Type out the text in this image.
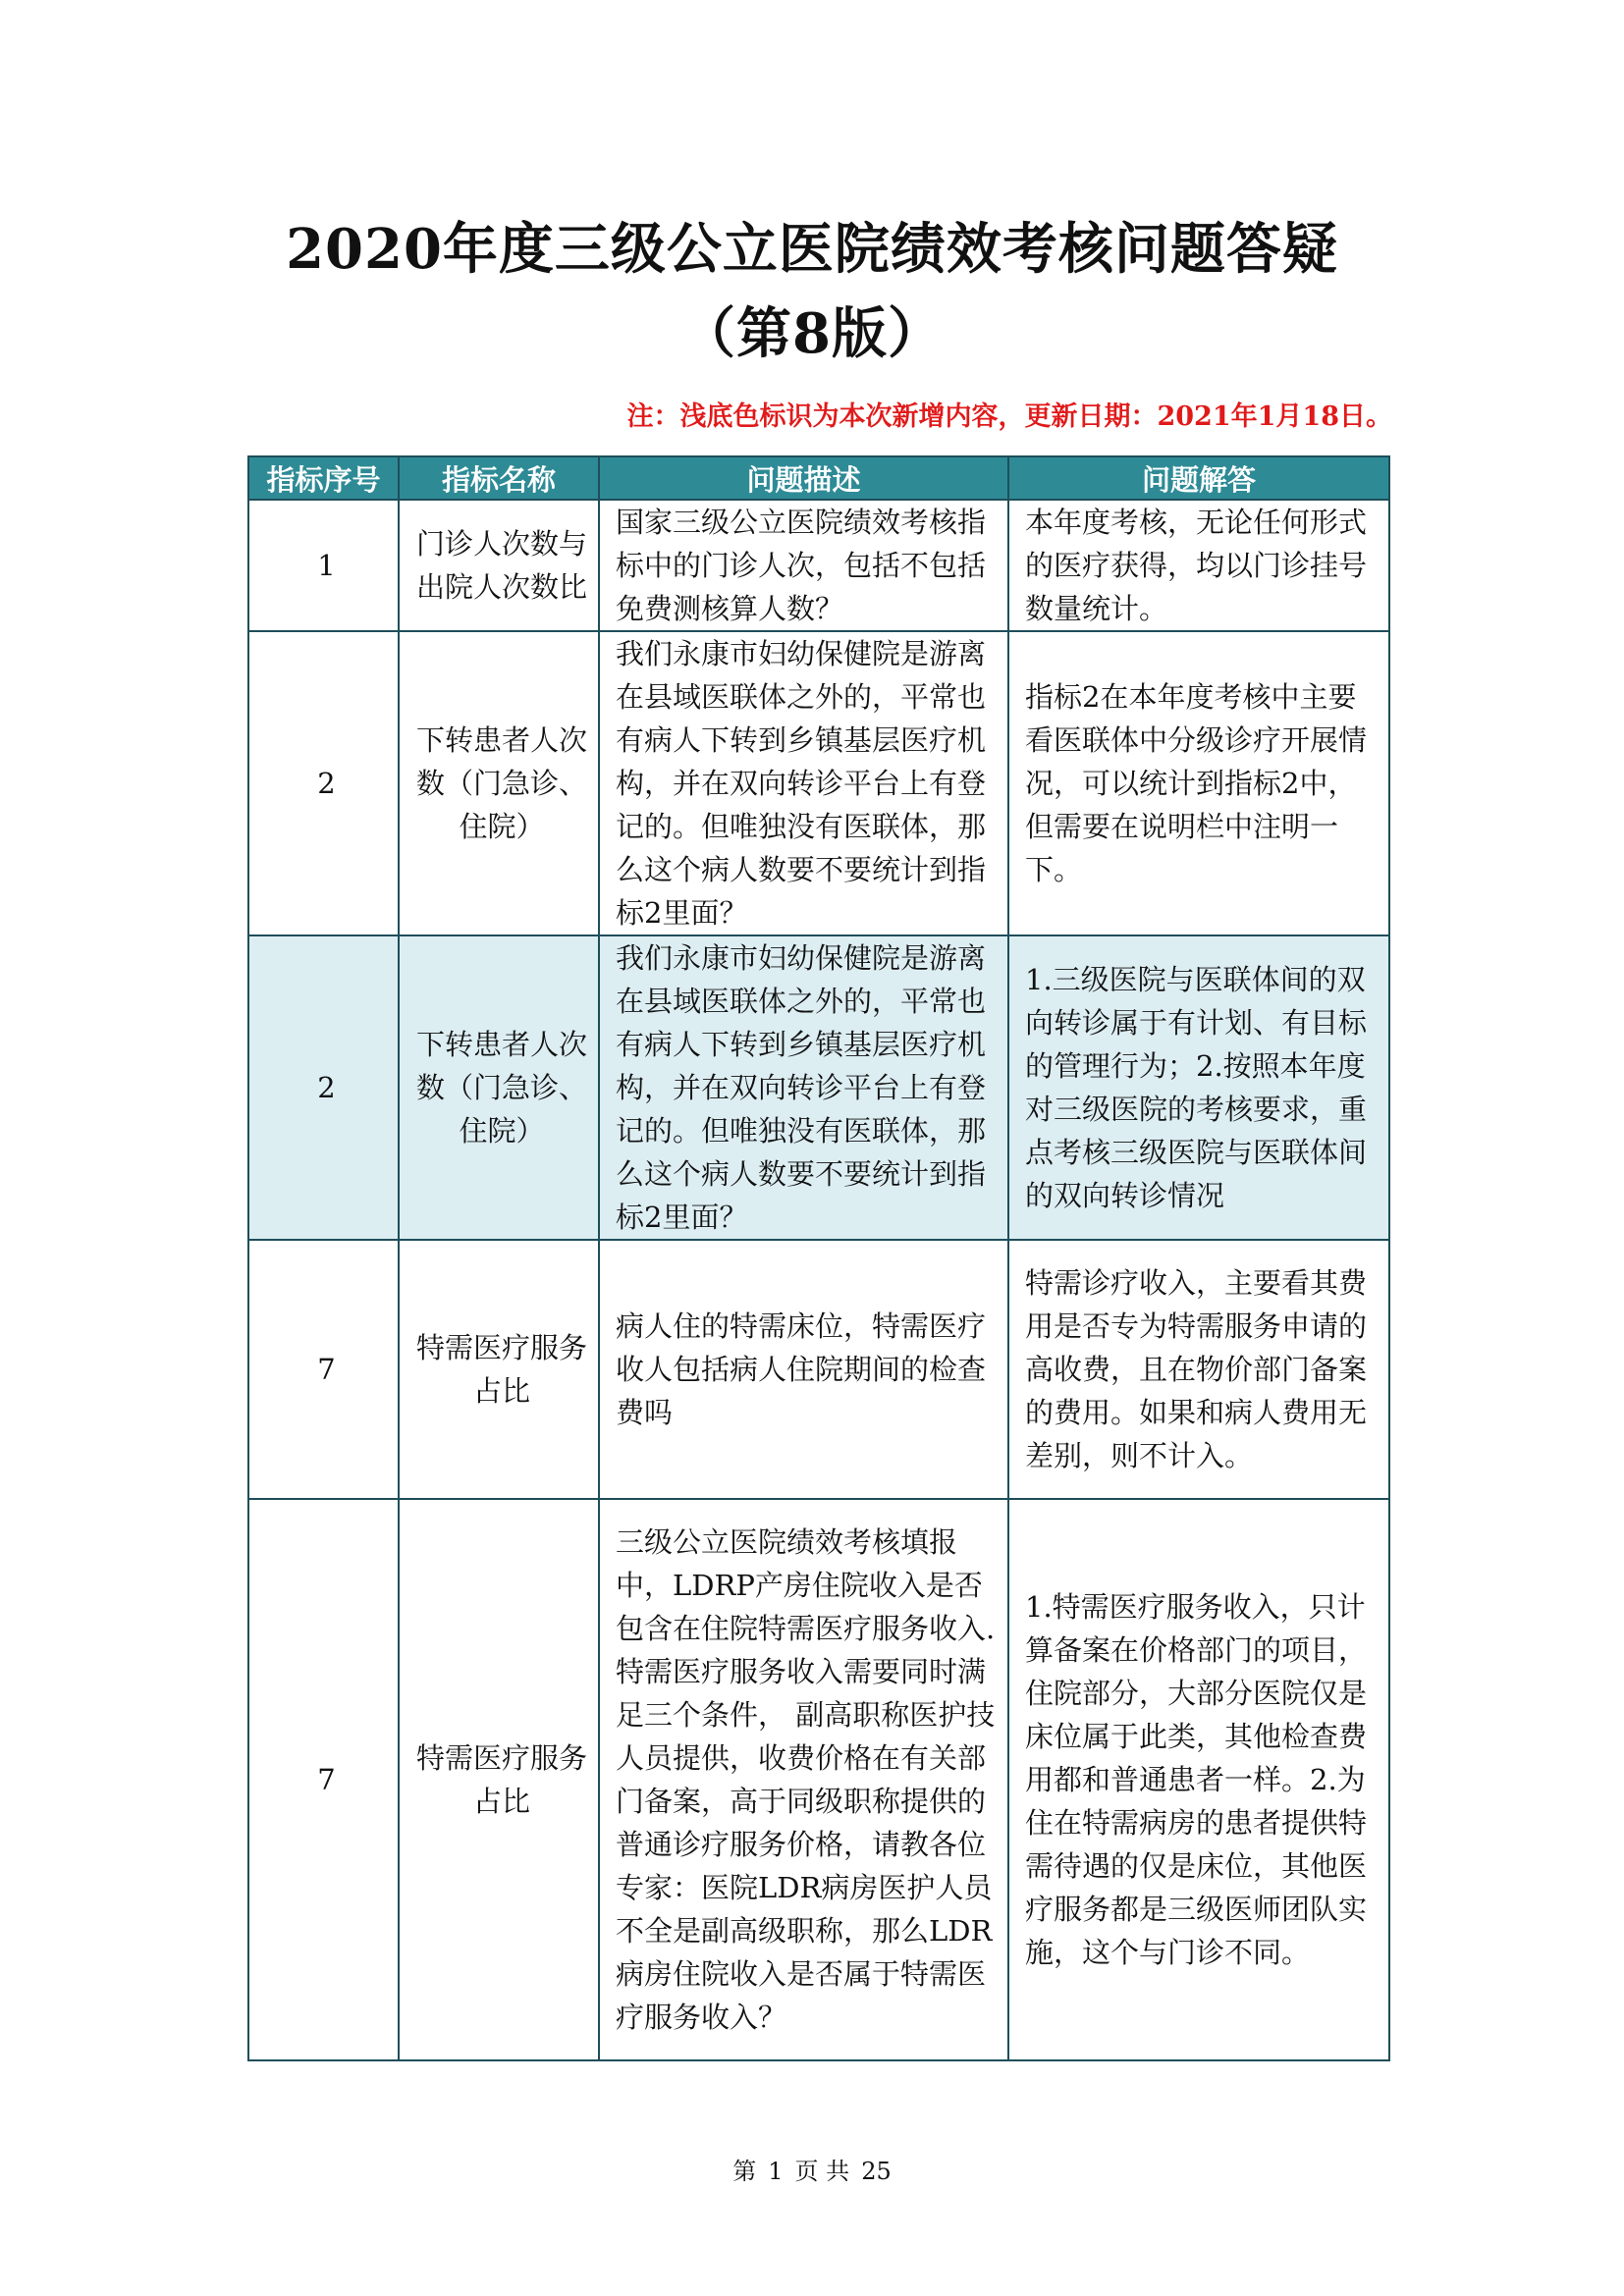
2020年度三级公立医院绩效考核问题答疑
（第8版）
注：浅底色标识为本次新增内容，更新日期：2021年1月18日。
指标序号	指标名称	问题描述	问题解答
1	门诊人次数与出院人次数比	国家三级公立医院绩效考核指标中的门诊人次，包括不包括免费测核算人数？	本年度考核，无论任何形式的医疗获得，均以门诊挂号数量统计。
2	下转患者人次数（门急诊、住院）	我们永康市妇幼保健院是游离在县域医联体之外的，平常也有病人下转到乡镇基层医疗机构，并在双向转诊平台上有登记的。但唯独没有医联体，那么这个病人数要不要统计到指标2里面？	指标2在本年度考核中主要看医联体中分级诊疗开展情况，可以统计到指标2中，但需要在说明栏中注明一下。
2	下转患者人次数（门急诊、住院）	我们永康市妇幼保健院是游离在县域医联体之外的，平常也有病人下转到乡镇基层医疗机构，并在双向转诊平台上有登记的。但唯独没有医联体，那么这个病人数要不要统计到指标2里面？	1.三级医院与医联体间的双向转诊属于有计划、有目标的管理行为；2.按照本年度对三级医院的考核要求，重点考核三级医院与医联体间的双向转诊情况
7	特需医疗服务占比	病人住的特需床位，特需医疗收人包括病人住院期间的检查费吗	特需诊疗收入，主要看其费用是否专为特需服务申请的高收费，且在物价部门备案的费用。如果和病人费用无差别，则不计入。
7	特需医疗服务占比	三级公立医院绩效考核填报中，LDRP产房住院收入是否包含在住院特需医疗服务收入.特需医疗服务收入需要同时满足三个条件， 副高职称医护技人员提供，收费价格在有关部门备案，高于同级职称提供的普通诊疗服务价格，请教各位专家：医院LDR病房医护人员不全是副高级职称，那么LDR病房住院收入是否属于特需医疗服务收入？	1.特需医疗服务收入，只计算备案在价格部门的项目，住院部分，大部分医院仅是床位属于此类，其他检查费用都和普通患者一样。2.为住在特需病房的患者提供特需待遇的仅是床位，其他医疗服务都是三级医师团队实施，这个与门诊不同。
第 1 页 共 25
